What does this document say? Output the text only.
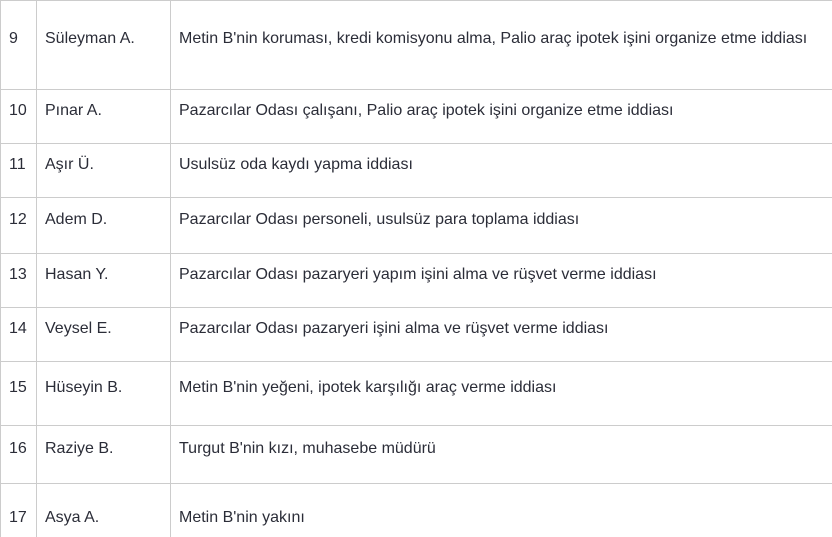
9	Süleyman A.	Metin B'nin koruması, kredi komisyonu alma, Palio araç ipotek işini organize etme iddiası
10	Pınar A.	Pazarcılar Odası çalışanı, Palio araç ipotek işini organize etme iddiası
11	Aşır Ü.	Usulsüz oda kaydı yapma iddiası
12	Adem D.	Pazarcılar Odası personeli, usulsüz para toplama iddiası
13	Hasan Y.	Pazarcılar Odası pazaryeri yapım işini alma ve rüşvet verme iddiası
14	Veysel E.	Pazarcılar Odası pazaryeri işini alma ve rüşvet verme iddiası
15	Hüseyin B.	Metin B'nin yeğeni, ipotek karşılığı araç verme iddiası
16	Raziye B.	Turgut B'nin kızı, muhasebe müdürü
17	Asya A.	Metin B'nin yakını
